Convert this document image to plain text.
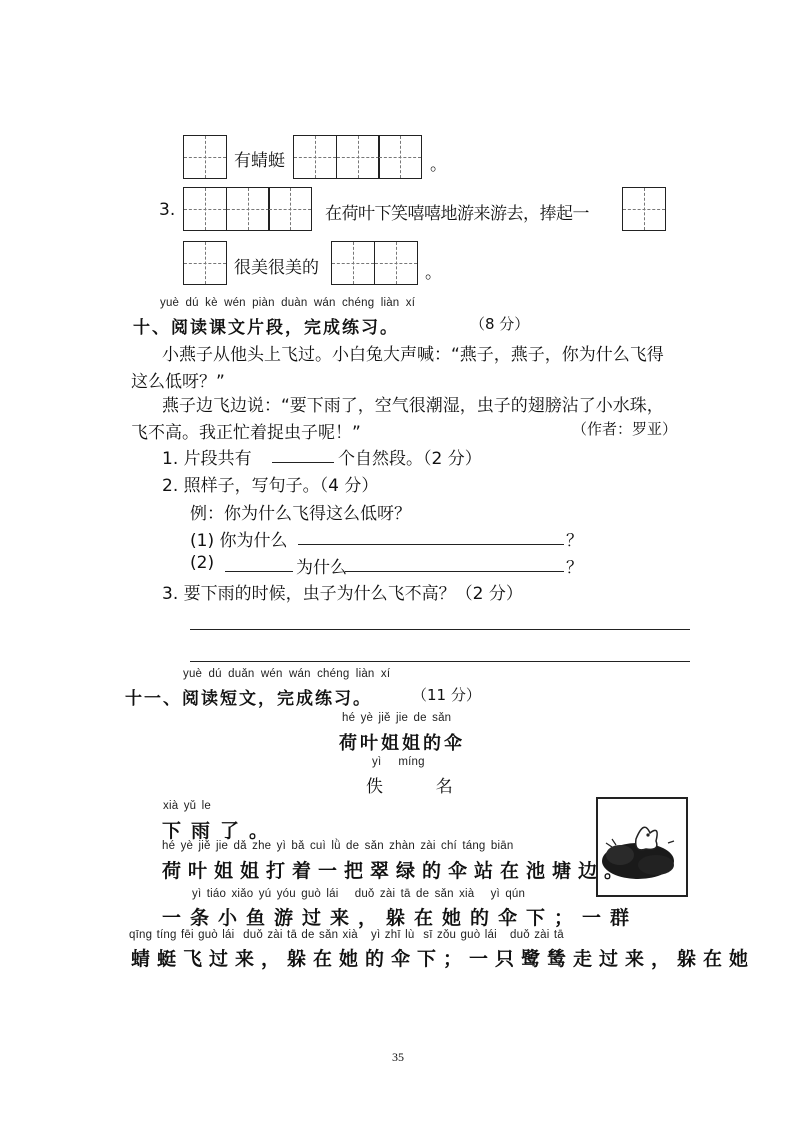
有蜻蜓	。
3.	在荷叶下笑嘻嘻地游来游去，捧起一
很美很美的	。
yuè dú kè wén piàn duàn wán chéng liàn xí
十、阅读课文片段，完成练习。	（8 分）
小燕子从他头上飞过。小白兔大声喊：“燕子，燕子，你为什么飞得
这么低呀？”
燕子边飞边说：“要下雨了，空气很潮湿，虫子的翅膀沾了小水珠，
飞不高。我正忙着捉虫子呢！”	（作者：罗亚）
1. 片段共有	个自然段。（2 分）
2. 照样子，写句子。（4 分）
例：你为什么飞得这么低呀？
(1) 你为什么	？
(2)	为什么	？
3. 要下雨的时候，虫子为什么飞不高？（2 分）
yuè dú duǎn wén wán chéng liàn xí
十一、阅读短文，完成练习。	（11 分）
hé yè jiě jie de sǎn
荷叶姐姐的伞
yì     míng
佚  名
xià yǔ le
下雨了。
hé yè jiě jie dǎ zhe yì bǎ cuì lǜ de sǎn zhàn zài chí táng biān
荷叶姐姐打着一把翠绿的伞站在池塘边。
yì tiáo xiǎo yú yóu guò lái   duǒ zài tā de sǎn xià   yì qún
一条小鱼游过来，躲在她的伞下；一群
qīng tíng fēi guò lái  duǒ zài tā de sǎn xià   yì zhī lù  sī zǒu guò lái   duǒ zài tā
蜻蜓飞过来，躲在她的伞下；一只鹭鸶走过来，躲在她
35
